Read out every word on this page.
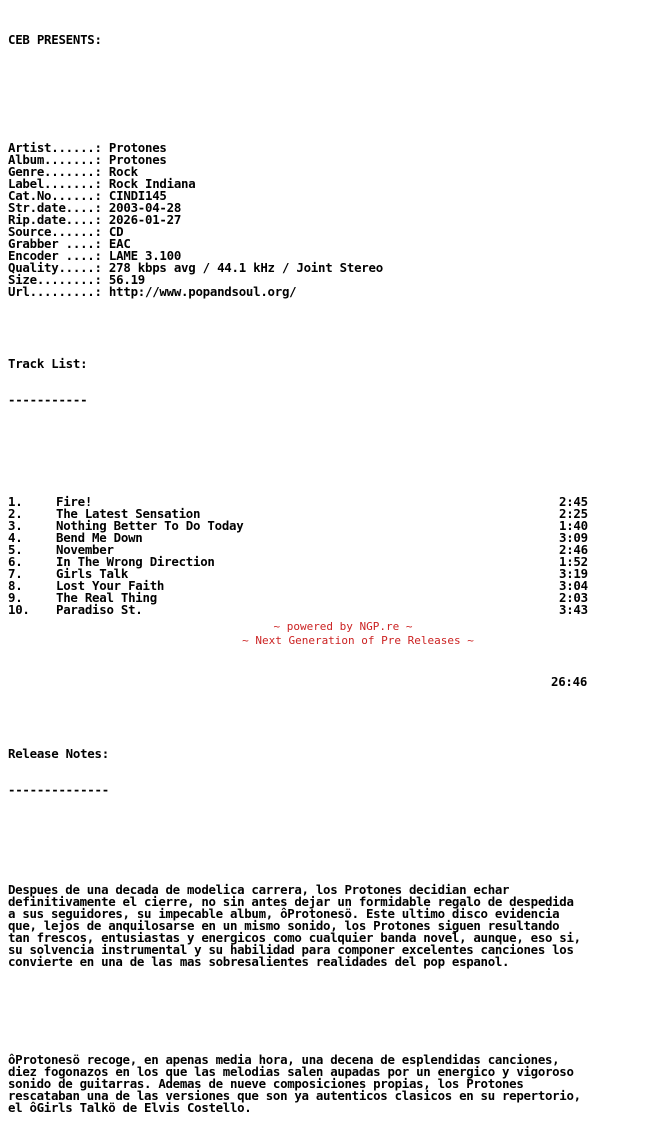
CEB PRESENTS:

Artist......: Protones
Album.......: Protones
Genre.......: Rock
Label.......: Rock Indiana
Cat.No......: CINDI145
Str.date....: 2003-04-28
Rip.date....: 2026-01-27
Source......: CD
Grabber ....: EAC
Encoder ....: LAME 3.100
Quality.....: 278 kbps avg / 44.1 kHz / Joint Stereo
Size........: 56.19
Url.........: http://www.popandsoul.org/

Track List:

-----------

1.	Fire!	2:45
2.	The Latest Sensation	2:25
3.	Nothing Better To Do Today	1:40
4.	Bend Me Down	3:09
5.	November	2:46
6.	In The Wrong Direction	1:52
7.	Girls Talk	3:19
8.	Lost Your Faith	3:04
9.	The Real Thing	2:03
10. Paradiso St.	3:43

26:46

Release Notes:

--------------

Despues de una decada de modelica carrera, los Protones decidian echar
definitivamente el cierre, no sin antes dejar un formidable regalo de despedida
a sus seguidores, su impecable album, ôProtonesö. Este ultimo disco evidencia
que, lejos de anquilosarse en un mismo sonido, los Protones siguen resultando
tan frescos, entusiastas y energicos como cualquier banda novel, aunque, eso si,
su solvencia instrumental y su habilidad para componer excelentes canciones los
convierte en una de las mas sobresalientes realidades del pop espanol.

ôProtonesö recoge, en apenas media hora, una decena de esplendidas canciones,
diez fogonazos en los que las melodias salen aupadas por un energico y vigoroso
sonido de guitarras. Ademas de nueve composiciones propias, los Protones
rescataban una de las versiones que son ya autenticos clasicos en su repertorio,
el ôGirls Talkö de Elvis Costello.

~ powered by NGP.re ~
~ Next Generation of Pre Releases ~
